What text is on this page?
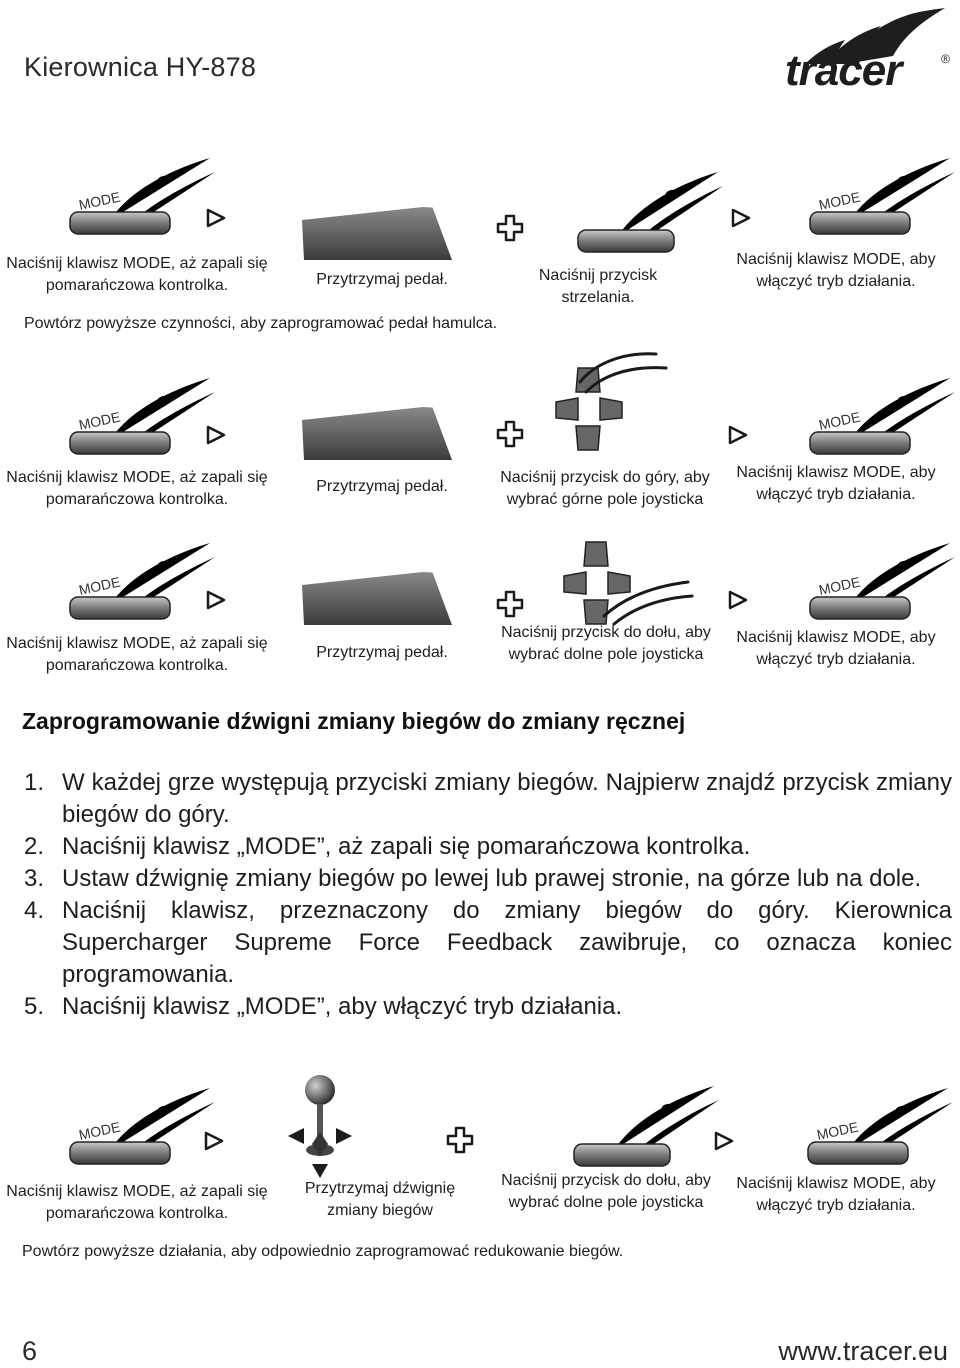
Kierownica HY-878	tracer	®
MODE	MODE
Naciśnij klawisz MODE, aż zapali się pomarańczowa kontrolka.	Przytrzymaj pedał.	Naciśnij przycisk strzelania.
Naciśnij klawisz MODE, aby włączyć tryb działania.
Powtórz powyższe czynności, aby zaprogramować pedał hamulca.
MODE	MODE
Naciśnij klawisz MODE, aż zapali się pomarańczowa kontrolka.
Przytrzymaj pedał.
Naciśnij przycisk do góry, aby wybrać górne pole joysticka
Naciśnij klawisz MODE, aby włączyć tryb działania.
MODE	MODE
Naciśnij klawisz MODE, aż zapali się pomarańczowa kontrolka.
Przytrzymaj pedał.
Naciśnij przycisk do dołu, aby wybrać dolne pole joysticka
Naciśnij klawisz MODE, aby włączyć tryb działania.
Zaprogramowanie dźwigni zmiany biegów do zmiany ręcznej
1. W każdej grze występują przyciski zmiany biegów. Najpierw znajdź przycisk zmiany biegów do góry.
2. Naciśnij klawisz „MODE”, aż zapali się pomarańczowa kontrolka.
3. Ustaw dźwignię zmiany biegów po lewej lub prawej stronie, na górze lub na dole.
4. Naciśnij klawisz, przeznaczony do zmiany biegów do góry. Kierownica Supercharger Supreme Force Feedback zawibruje, co oznacza koniec programowania.
5. Naciśnij klawisz „MODE”, aby włączyć tryb działania.
MODE	MODE
Naciśnij klawisz MODE, aż zapali się pomarańczowa kontrolka.
Przytrzymaj dźwignię zmiany biegów
Naciśnij przycisk do dołu, aby wybrać dolne pole joysticka
Naciśnij klawisz MODE, aby włączyć tryb działania.
Powtórz powyższe działania, aby odpowiednio zaprogramować redukowanie biegów.
6	www.tracer.eu
